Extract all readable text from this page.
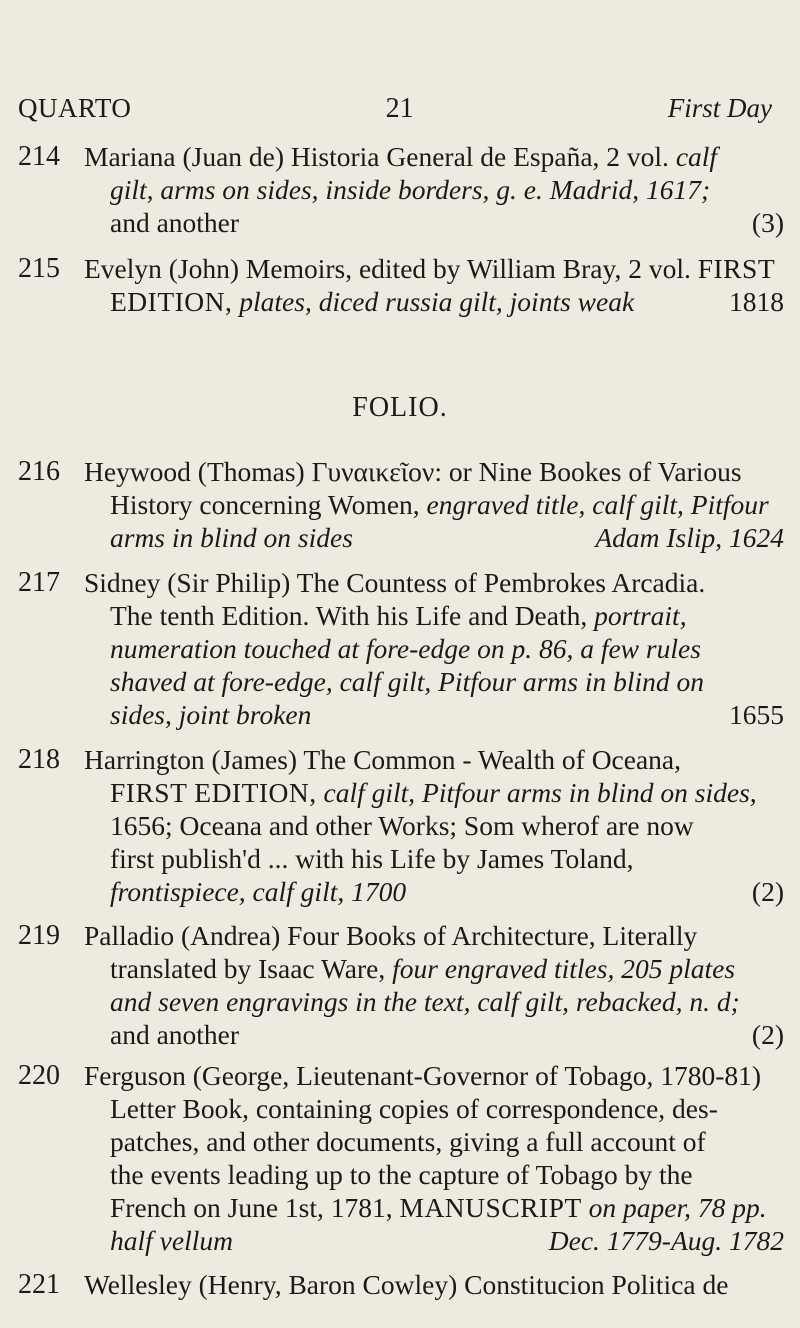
QUARTO	21	First Day
214 Mariana (Juan de) Historia General de España, 2 vol. calf
gilt, arms on sides, inside borders, g. e. Madrid, 1617;
and another	(3)
215 Evelyn (John) Memoirs, edited by William Bray, 2 vol. FIRST
EDITION, plates, diced russia gilt, joints weak	1818
FOLIO.
216 Heywood (Thomas) Γυναικεῖον: or Nine Bookes of Various
History concerning Women, engraved title, calf gilt, Pitfour
arms in blind on sides	Adam Islip, 1624
217 Sidney (Sir Philip) The Countess of Pembrokes Arcadia.
The tenth Edition. With his Life and Death, portrait,
numeration touched at fore-edge on p. 86, a few rules
shaved at fore-edge, calf gilt, Pitfour arms in blind on
sides, joint broken	1655
218 Harrington (James) The Common - Wealth of Oceana,
FIRST EDITION, calf gilt, Pitfour arms in blind on sides,
1656; Oceana and other Works; Som wherof are now
first publish'd ... with his Life by James Toland,
frontispiece, calf gilt, 1700	(2)
219 Palladio (Andrea) Four Books of Architecture, Literally
translated by Isaac Ware, four engraved titles, 205 plates
and seven engravings in the text, calf gilt, rebacked, n. d;
and another	(2)
220 Ferguson (George, Lieutenant-Governor of Tobago, 1780-81)
Letter Book, containing copies of correspondence, des-
patches, and other documents, giving a full account of
the events leading up to the capture of Tobago by the
French on June 1st, 1781, MANUSCRIPT on paper, 78 pp.
half vellum	Dec. 1779-Aug. 1782
221 Wellesley (Henry, Baron Cowley) Constitucion Politica de
